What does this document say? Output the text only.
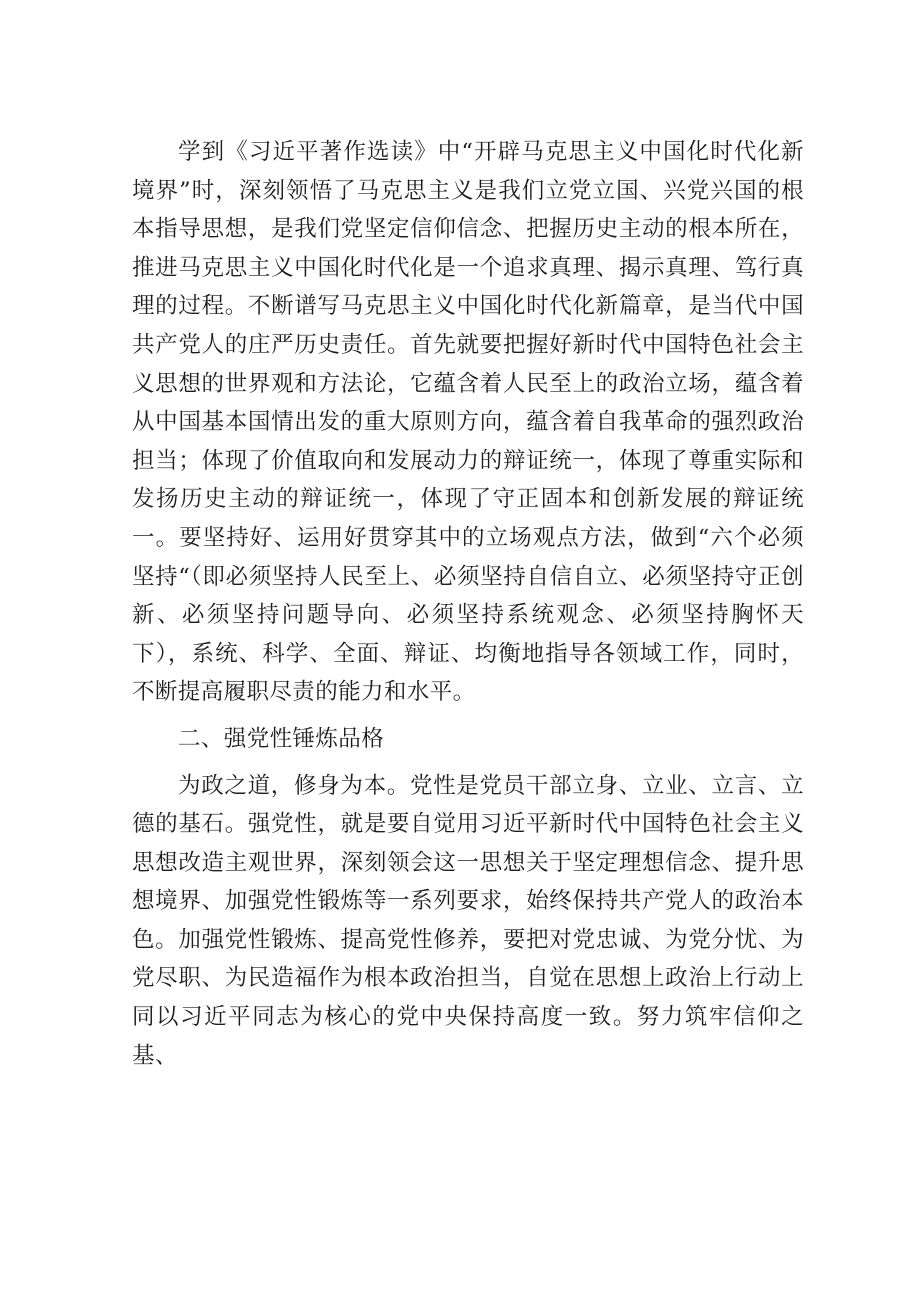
学到《习近平著作选读》中“开辟马克思主义中国化时代化新境界”时，深刻领悟了马克思主义是我们立党立国、兴党兴国的根本指导思想，是我们党坚定信仰信念、把握历史主动的根本所在，推进马克思主义中国化时代化是一个追求真理、揭示真理、笃行真理的过程。不断谱写马克思主义中国化时代化新篇章，是当代中国共产党人的庄严历史责任。首先就要把握好新时代中国特色社会主义思想的世界观和方法论，它蕴含着人民至上的政治立场，蕴含着从中国基本国情出发的重大原则方向，蕴含着自我革命的强烈政治担当；体现了价值取向和发展动力的辩证统一，体现了尊重实际和发扬历史主动的辩证统一，体现了守正固本和创新发展的辩证统一。要坚持好、运用好贯穿其中的立场观点方法，做到“六个必须坚持“（即必须坚持人民至上、必须坚持自信自立、必须坚持守正创新、必须坚持问题导向、必须坚持系统观念、必须坚持胸怀天下），系统、科学、全面、辩证、均衡地指导各领域工作，同时，不断提高履职尽责的能力和水平。

二、强党性锤炼品格

为政之道，修身为本。党性是党员干部立身、立业、立言、立德的基石。强党性，就是要自觉用习近平新时代中国特色社会主义思想改造主观世界，深刻领会这一思想关于坚定理想信念、提升思想境界、加强党性锻炼等一系列要求，始终保持共产党人的政治本色。加强党性锻炼、提高党性修养，要把对党忠诚、为党分忧、为党尽职、为民造福作为根本政治担当，自觉在思想上政治上行动上同以习近平同志为核心的党中央保持高度一致。努力筑牢信仰之基、
